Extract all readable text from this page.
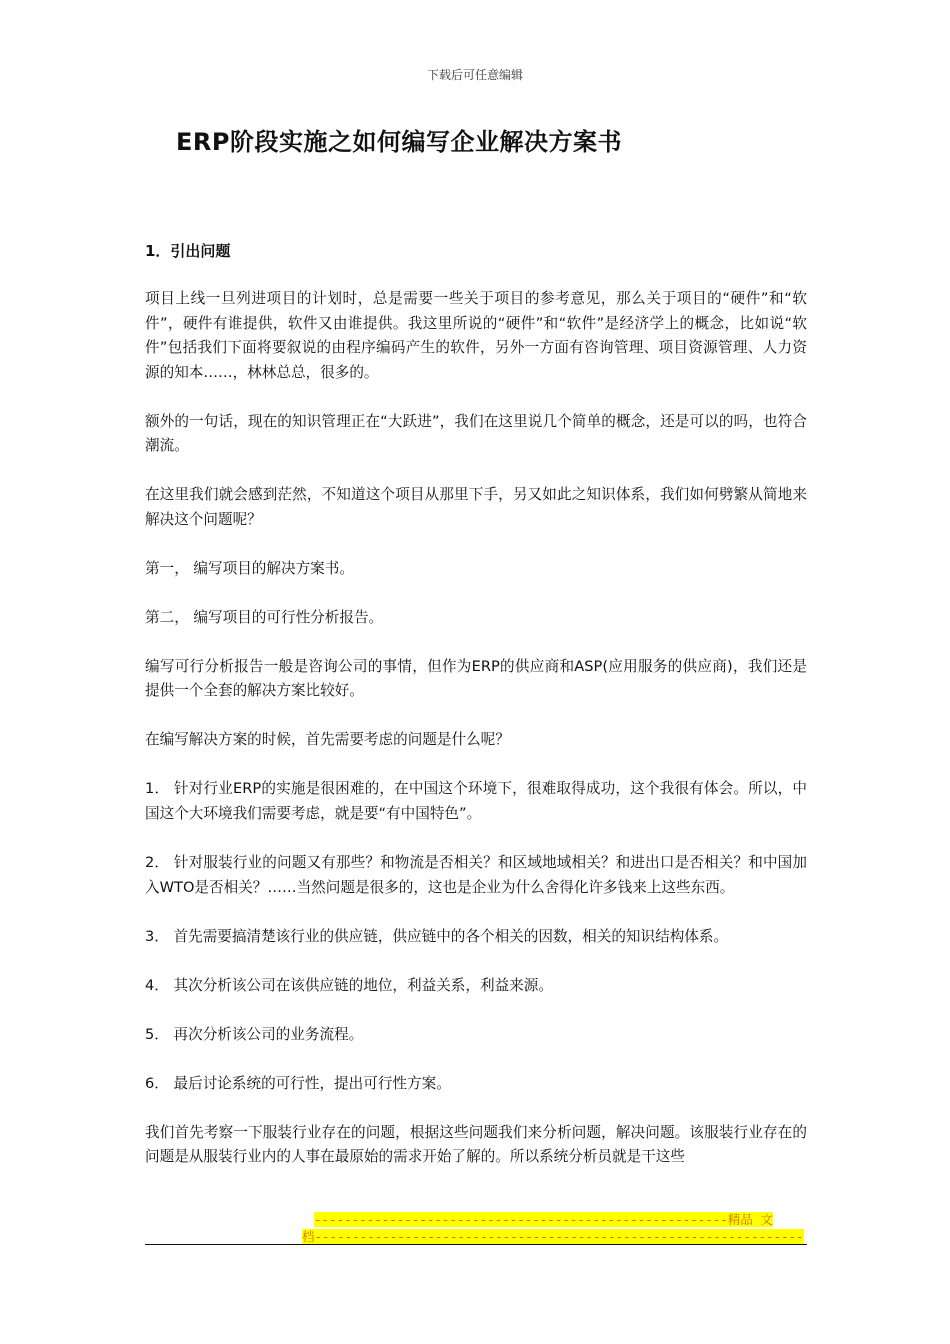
下载后可任意编辑
ERP阶段实施之如何编写企业解决方案书
1．引出问题

项目上线一旦列进项目的计划时，总是需要一些关于项目的参考意见，那么关于项目的“硬件”和“软件”，硬件有谁提供，软件又由谁提供。我这里所说的“硬件”和“软件”是经济学上的概念，比如说“软件”包括我们下面将要叙说的由程序编码产生的软件，另外一方面有咨询管理、项目资源管理、人力资源的知本……，林林总总，很多的。

额外的一句话，现在的知识管理正在“大跃进”，我们在这里说几个简单的概念，还是可以的吗，也符合潮流。

在这里我们就会感到茫然，不知道这个项目从那里下手，另又如此之知识体系，我们如何劈繁从简地来解决这个问题呢？

第一， 编写项目的解决方案书。

第二， 编写项目的可行性分析报告。

编写可行分析报告一般是咨询公司的事情，但作为ERP的供应商和ASP(应用服务的供应商)，我们还是提供一个全套的解决方案比较好。

在编写解决方案的时候，首先需要考虑的问题是什么呢？

1． 针对行业ERP的实施是很困难的，在中国这个环境下，很难取得成功，这个我很有体会。所以，中国这个大环境我们需要考虑，就是要“有中国特色”。

2． 针对服装行业的问题又有那些？和物流是否相关？和区域地域相关？和进出口是否相关？和中国加入WTO是否相关？……当然问题是很多的，这也是企业为什么舍得化许多钱来上这些东西。

3． 首先需要搞清楚该行业的供应链，供应链中的各个相关的因数，相关的知识结构体系。

4． 其次分析该公司在该供应链的地位，利益关系，利益来源。

5． 再次分析该公司的业务流程。

6． 最后讨论系统的可行性，提出可行性方案。

我们首先考察一下服装行业存在的问题，根据这些问题我们来分析问题，解决问题。该服装行业存在的问题是从服装行业内的人事在最原始的需求开始了解的。所以系统分析员就是干这些

-------------------------------------------------------精品 文
档-----------------------------------------------------------------
